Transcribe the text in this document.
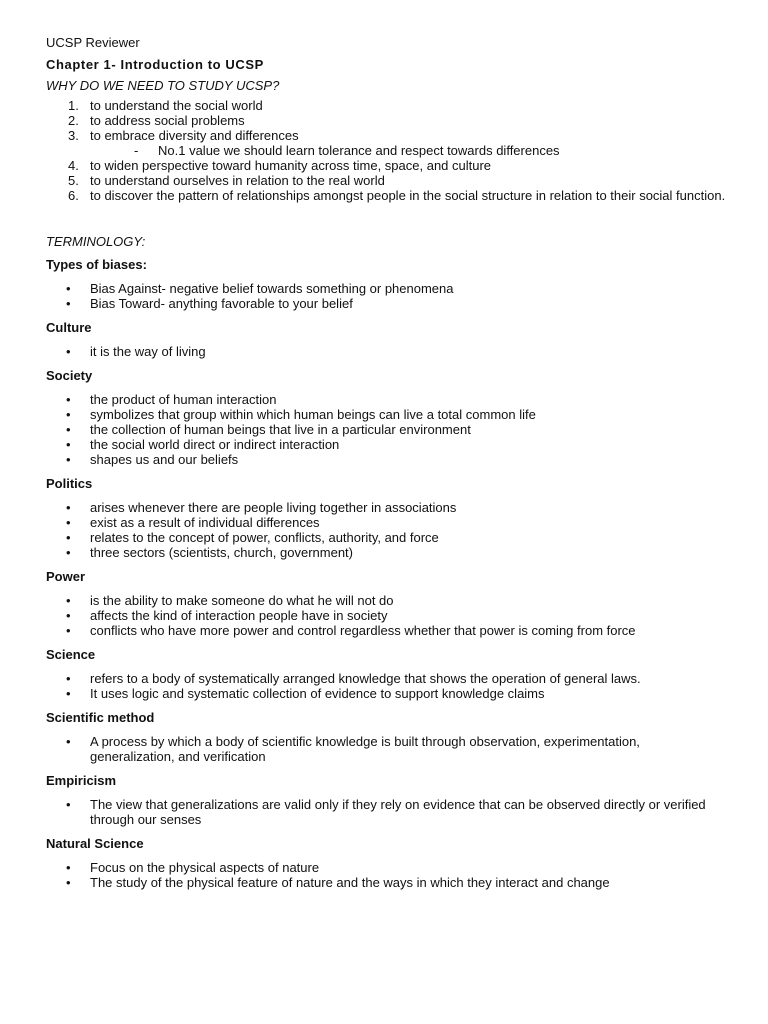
UCSP Reviewer
Chapter 1- Introduction to UCSP
WHY DO WE NEED TO STUDY UCSP?
1. to understand the social world
2. to address social problems
3. to embrace diversity and differences
- No.1 value we should learn tolerance and respect towards differences
4. to widen perspective toward humanity across time, space, and culture
5. to understand ourselves in relation to the real world
6. to discover the pattern of relationships amongst people in the social structure in relation to their social function.
TERMINOLOGY:
Types of biases:
• Bias Against- negative belief towards something or phenomena
• Bias Toward- anything favorable to your belief
Culture
• it is the way of living
Society
• the product of human interaction
• symbolizes that group within which human beings can live a total common life
• the collection of human beings that live in a particular environment
• the social world direct or indirect interaction
• shapes us and our beliefs
Politics
• arises whenever there are people living together in associations
• exist as a result of individual differences
• relates to the concept of power, conflicts, authority, and force
• three sectors (scientists, church, government)
Power
• is the ability to make someone do what he will not do
• affects the kind of interaction people have in society
• conflicts who have more power and control regardless whether that power is coming from force
Science
• refers to a body of systematically arranged knowledge that shows the operation of general laws.
• It uses logic and systematic collection of evidence to support knowledge claims
Scientific method
• A process by which a body of scientific knowledge is built through observation, experimentation, generalization, and verification
Empiricism
• The view that generalizations are valid only if they rely on evidence that can be observed directly or verified through our senses
Natural Science
• Focus on the physical aspects of nature
• The study of the physical feature of nature and the ways in which they interact and change
